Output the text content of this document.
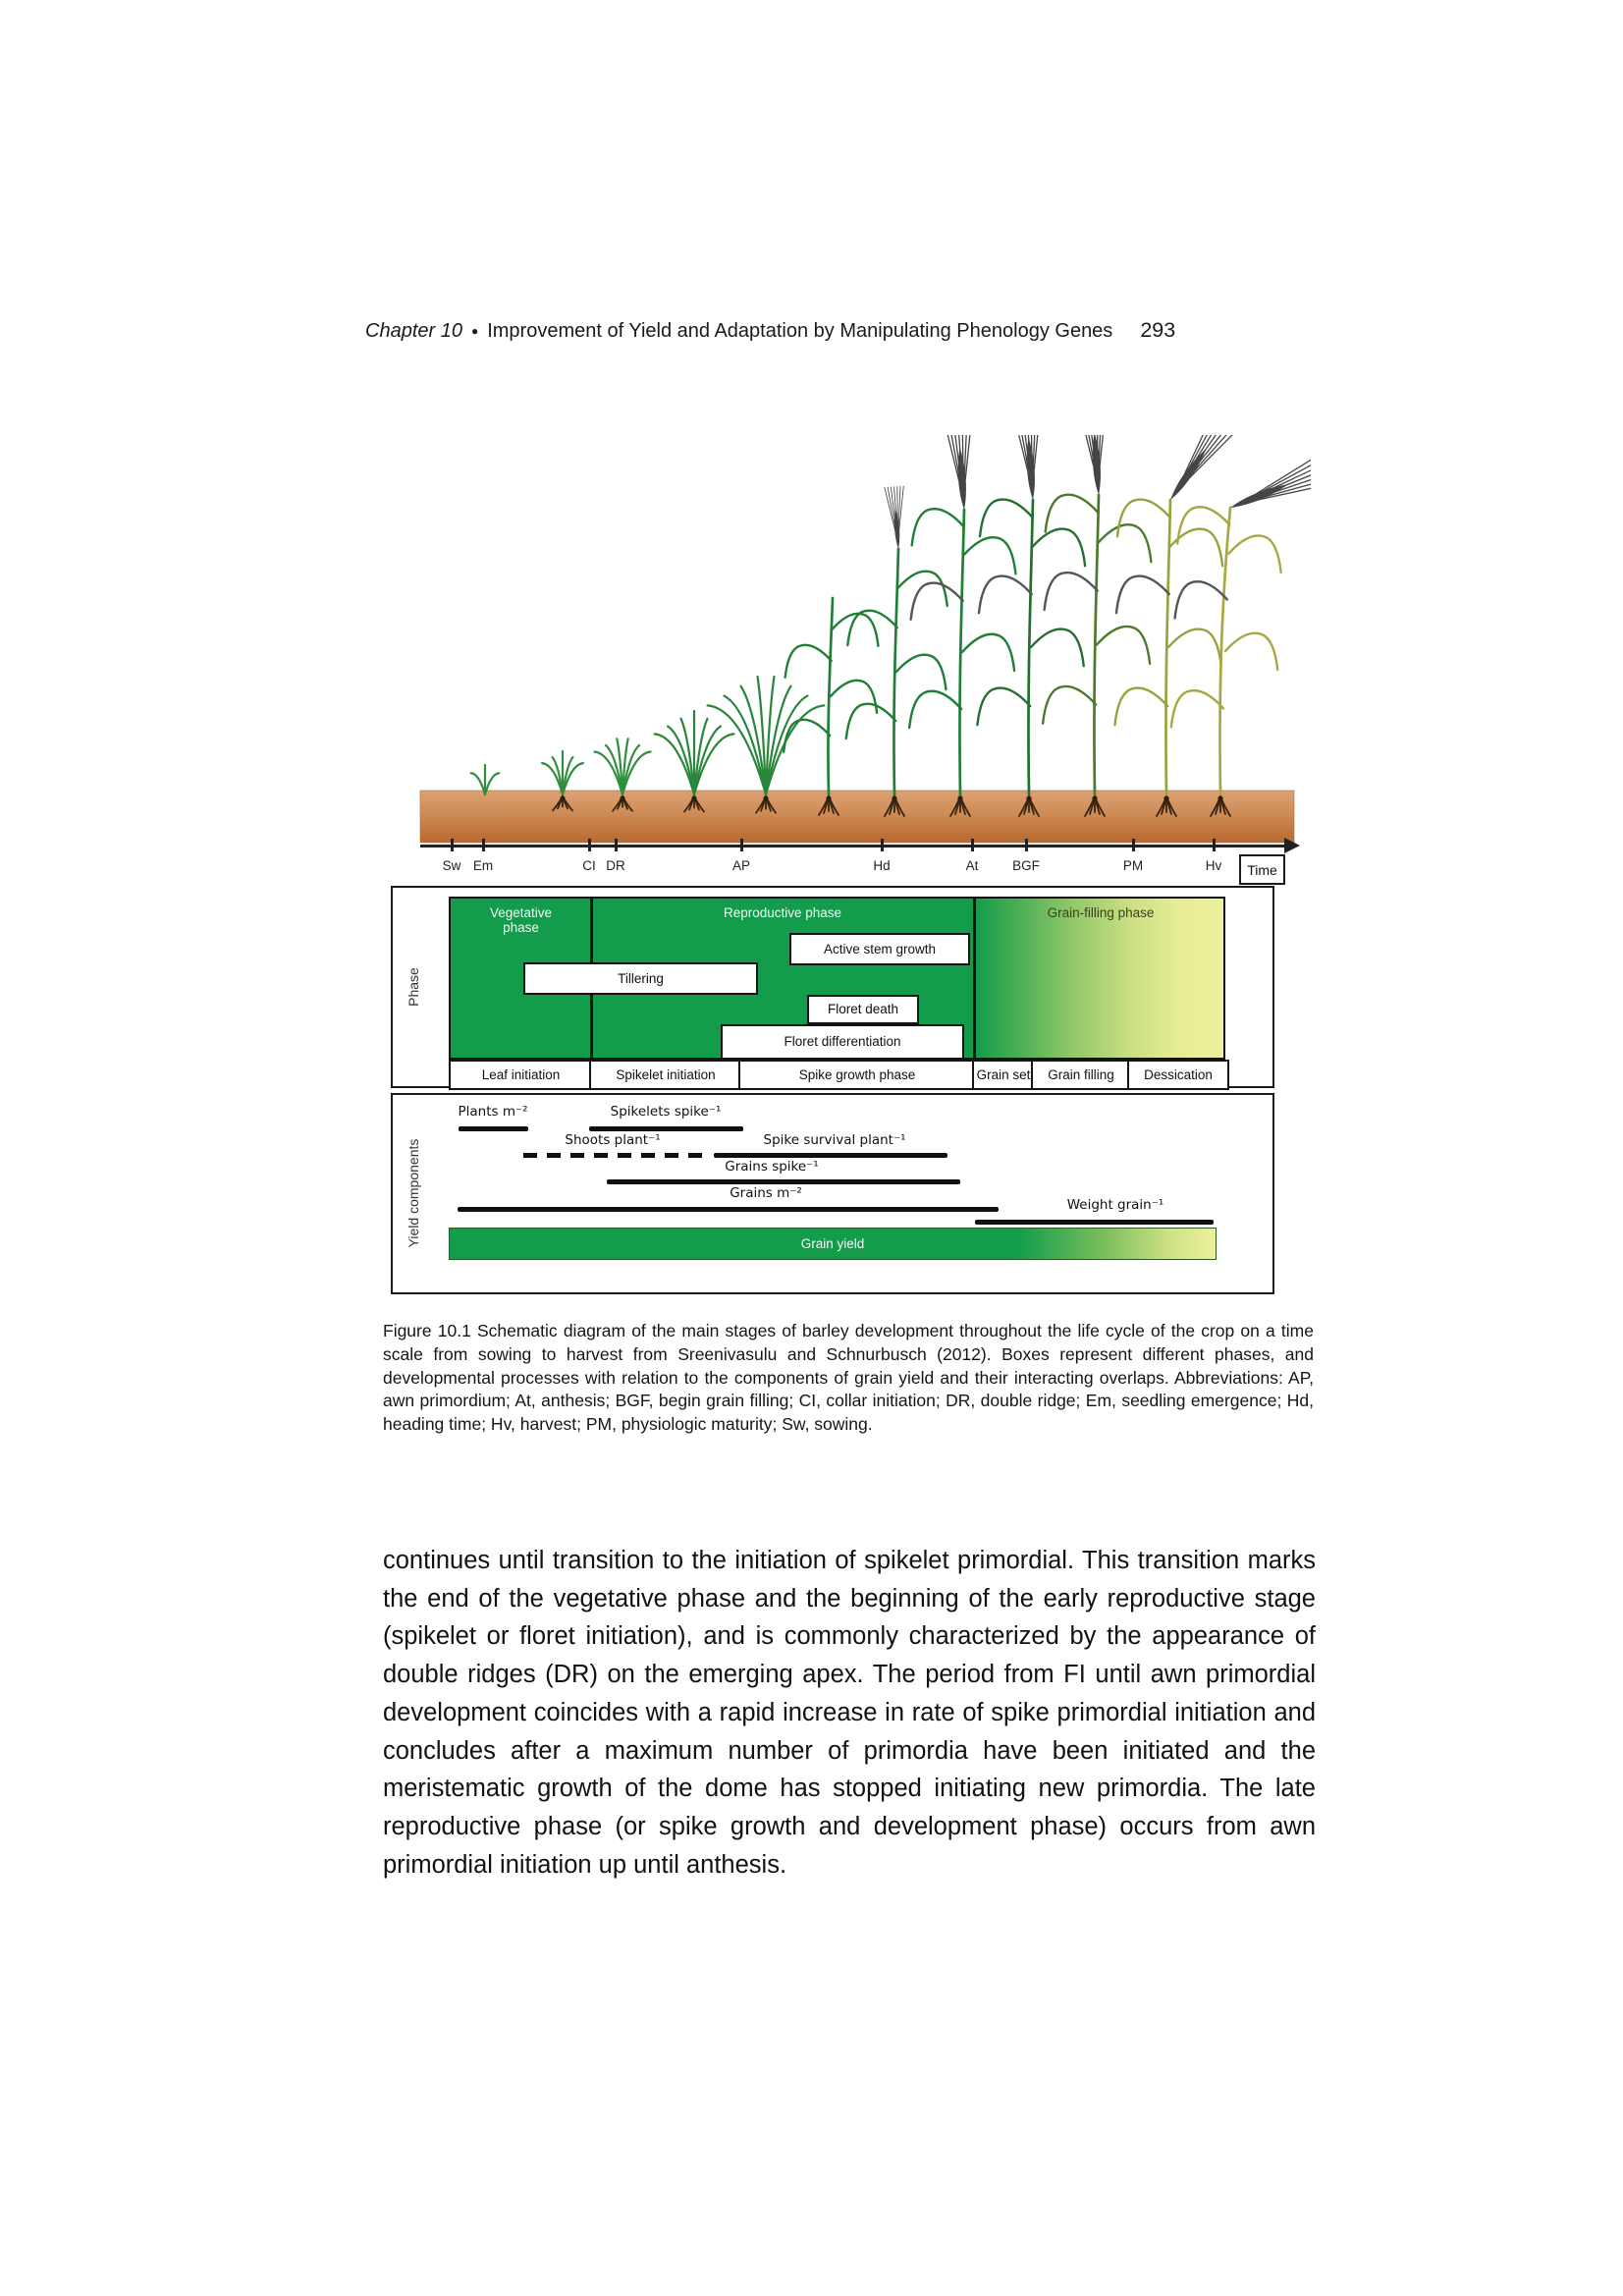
Chapter 10 ● Improvement of Yield and Adaptation by Manipulating Phenology Genes 293
Sw Em	CI DR	AP	Hd	At	BGF	PM	Hv	Time
Phase
Yield components
Vegetative
phase
Reproductive phase	Grain-filling phase
Tillering
Active stem growth
Floret death
Floret differentiation
Leaf initiation	Spikelet initiation	Spike growth phase	Grain set	Grain filling	Dessication
Plants m⁻²	Spikelets spike⁻¹
Shoots plant⁻¹	Spike survival plant⁻¹
Grains spike⁻¹
Grains m⁻²
Weight grain⁻¹
Grain yield
Figure 10.1 Schematic diagram of the main stages of barley development throughout the life cycle of the crop on a time scale from sowing to harvest from Sreenivasulu and Schnurbusch (2012). Boxes represent different phases, and developmental processes with relation to the components of grain yield and their interacting overlaps. Abbreviations: AP, awn primordium; At, anthesis; BGF, begin grain filling; CI, collar initiation; DR, double ridge; Em, seedling emergence; Hd, heading time; Hv, harvest; PM, physiologic maturity; Sw, sowing.
continues until transition to the initiation of spikelet primordial. This transition marks the end of the vegetative phase and the beginning of the early reproductive stage (spikelet or floret initiation), and is commonly characterized by the appearance of double ridges (DR) on the emerging apex. The period from FI until awn primordial development coincides with a rapid increase in rate of spike primordial initiation and concludes after a maximum number of primordia have been initiated and the meristematic growth of the dome has stopped initiating new primordia. The late reproductive phase (or spike growth and development phase) occurs from awn primordial initiation up until anthesis.
